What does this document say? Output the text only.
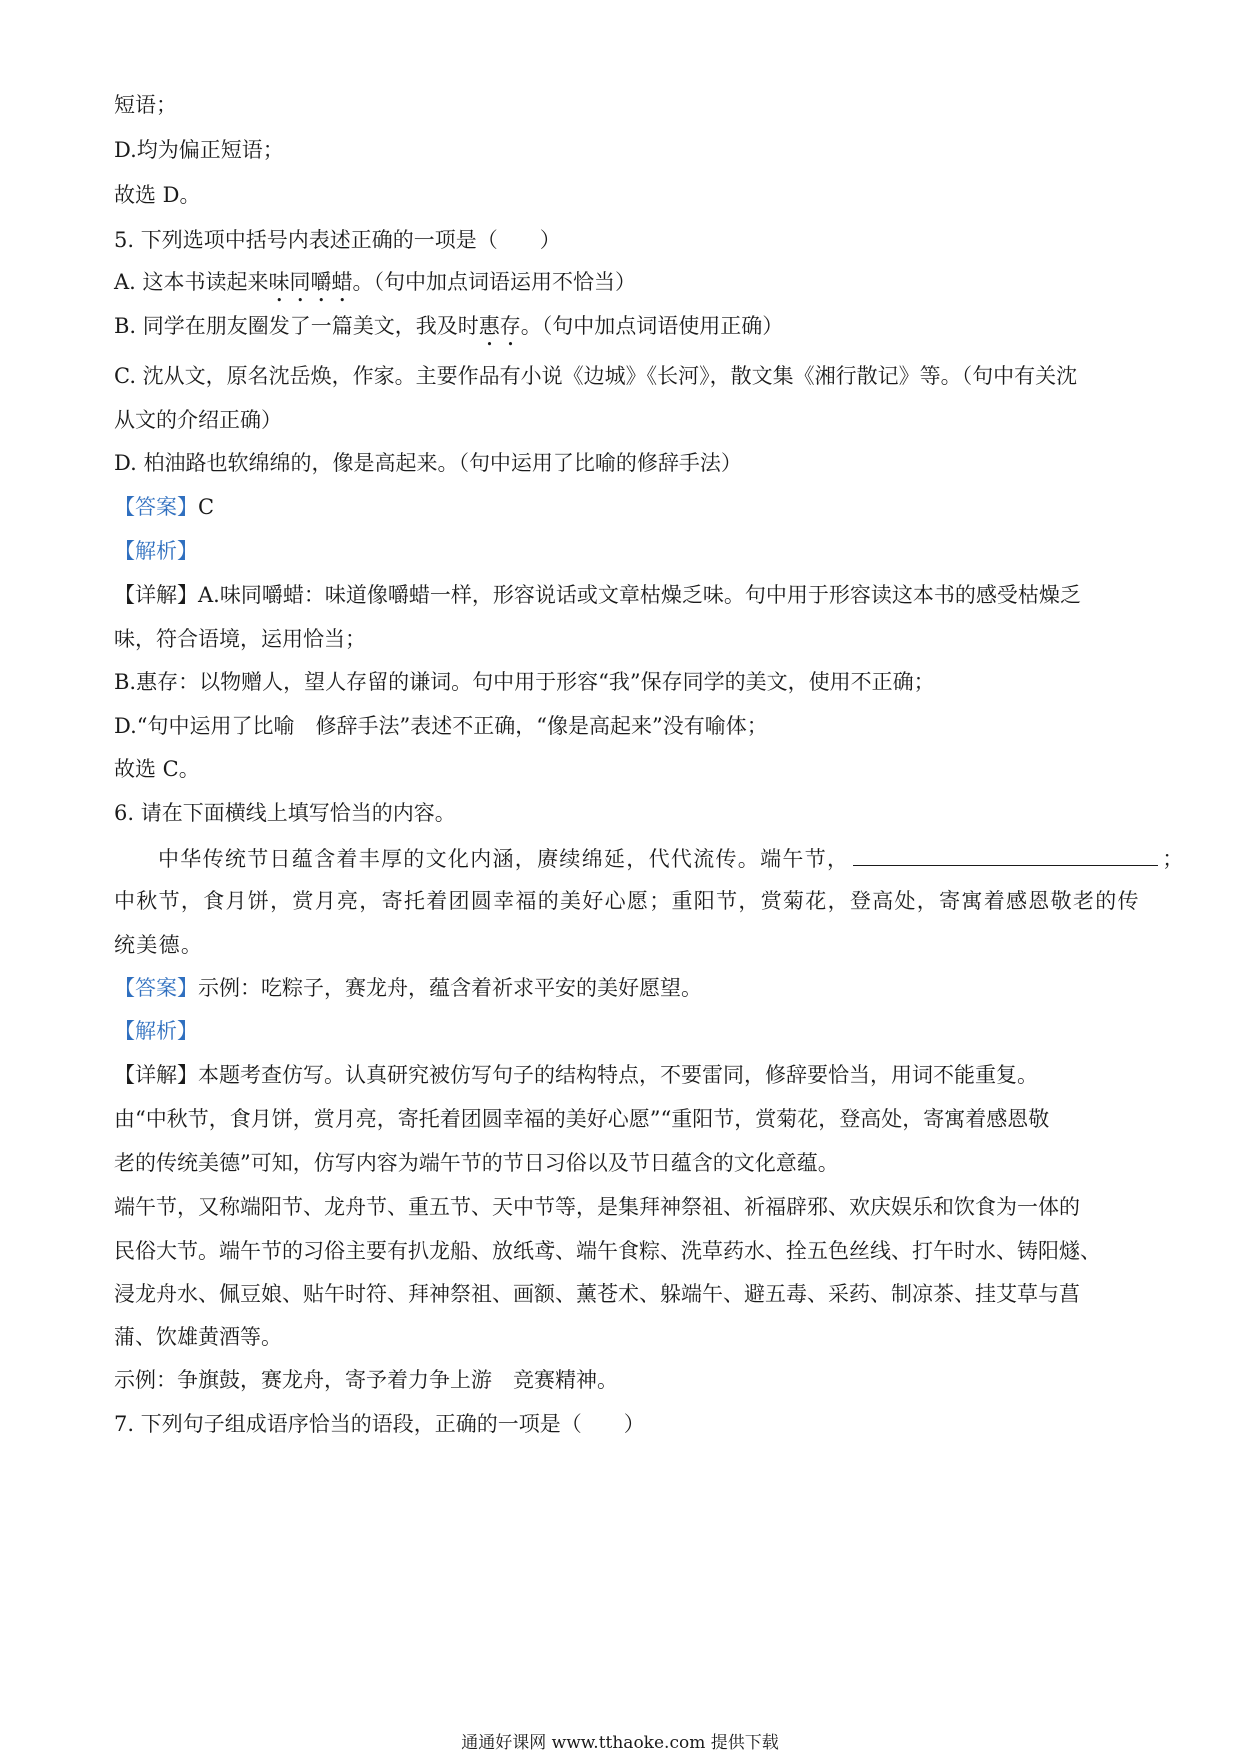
短语；
D.均为偏正短语；
故选 D。
5. 下列选项中括号内表述正确的一项是（　　）
A. 这本书读起来味同嚼蜡。（句中加点词语运用不恰当）
B. 同学在朋友圈发了一篇美文，我及时惠存。（句中加点词语使用正确）
C. 沈从文，原名沈岳焕，作家。主要作品有小说《边城》《长河》，散文集《湘行散记》等。（句中有关沈
从文的介绍正确）
D. 柏油路也软绵绵的，像是高起来。（句中运用了比喻的修辞手法）
【答案】C
【解析】
【详解】A.味同嚼蜡：味道像嚼蜡一样，形容说话或文章枯燥乏味。句中用于形容读这本书的感受枯燥乏
味，符合语境，运用恰当；
B.惠存：以物赠人，望人存留的谦词。句中用于形容“我”保存同学的美文，使用不正确；
D.“句中运用了比喻　修辞手法”表述不正确，“像是高起来”没有喻体；
故选 C。
6. 请在下面横线上填写恰当的内容。
中华传统节日蕴含着丰厚的文化内涵，赓续绵延，代代流传。端午节，	；
中秋节，食月饼，赏月亮，寄托着团圆幸福的美好心愿；重阳节，赏菊花，登高处，寄寓着感恩敬老的传
统美德。
【答案】示例：吃粽子，赛龙舟，蕴含着祈求平安的美好愿望。
【解析】
【详解】本题考查仿写。认真研究被仿写句子的结构特点，不要雷同，修辞要恰当，用词不能重复。
由“中秋节，食月饼，赏月亮，寄托着团圆幸福的美好心愿”“重阳节，赏菊花，登高处，寄寓着感恩敬
老的传统美德”可知，仿写内容为端午节的节日习俗以及节日蕴含的文化意蕴。
端午节，又称端阳节、龙舟节、重五节、天中节等，是集拜神祭祖、祈福辟邪、欢庆娱乐和饮食为一体的
民俗大节。端午节的习俗主要有扒龙船、放纸鸢、端午食粽、洗草药水、拴五色丝线、打午时水、铸阳燧、
浸龙舟水、佩豆娘、贴午时符、拜神祭祖、画额、薰苍术、躲端午、避五毒、采药、制凉茶、挂艾草与菖
蒲、饮雄黄酒等。
示例：争旗鼓，赛龙舟，寄予着力争上游　竞赛精神。
7. 下列句子组成语序恰当的语段，正确的一项是（　　）
通通好课网 www.tthaoke.com 提供下载
